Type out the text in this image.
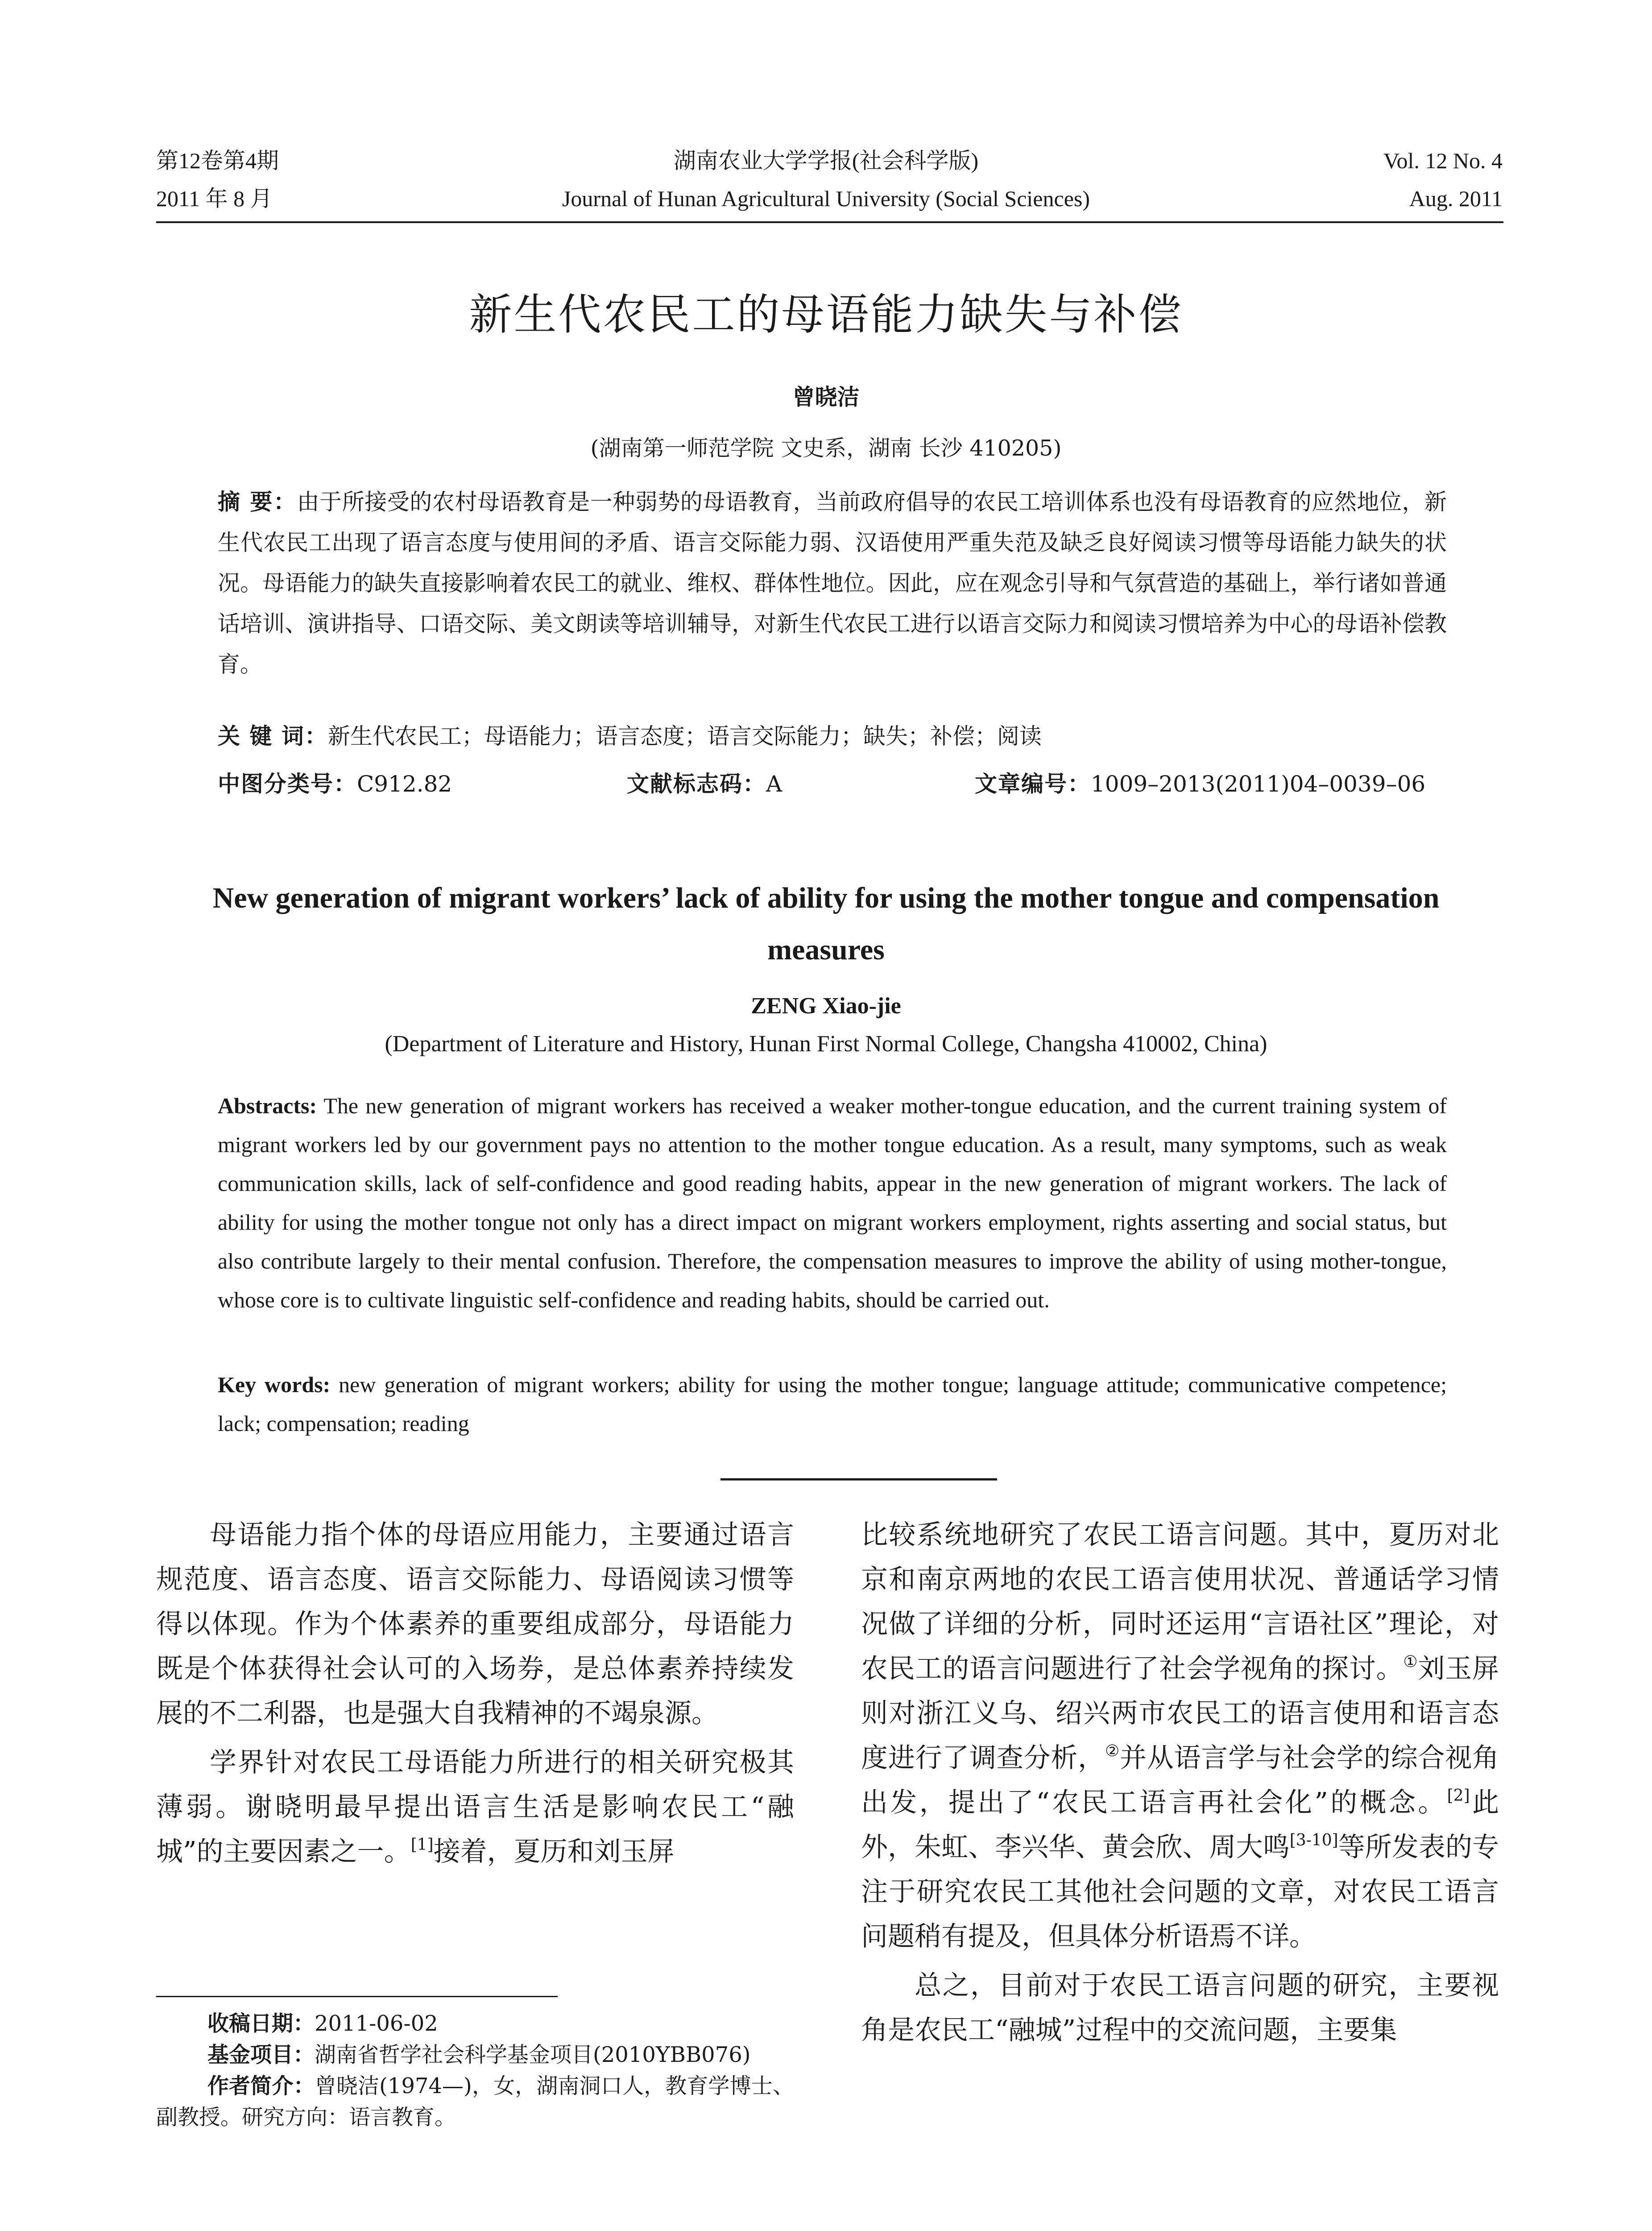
第12卷第4期
2011 年 8 月
湖南农业大学学报(社会科学版)
Journal of Hunan Agricultural University (Social Sciences)
Vol. 12 No. 4
Aug. 2011
新生代农民工的母语能力缺失与补偿
曾晓洁
(湖南第一师范学院 文史系，湖南 长沙 410205)
摘 要：由于所接受的农村母语教育是一种弱势的母语教育，当前政府倡导的农民工培训体系也没有母语教育的应然地位，新生代农民工出现了语言态度与使用间的矛盾、语言交际能力弱、汉语使用严重失范及缺乏良好阅读习惯等母语能力缺失的状况。母语能力的缺失直接影响着农民工的就业、维权、群体性地位。因此，应在观念引导和气氛营造的基础上，举行诸如普通话培训、演讲指导、口语交际、美文朗读等培训辅导，对新生代农民工进行以语言交际力和阅读习惯培养为中心的母语补偿教育。
关 键 词：新生代农民工；母语能力；语言态度；语言交际能力；缺失；补偿；阅读
中图分类号：C912.82	文献标志码：A	文章编号：1009–2013(2011)04–0039–06
New generation of migrant workers’ lack of ability for using the mother tongue and compensation measures
ZENG Xiao-jie
(Department of Literature and History, Hunan First Normal College, Changsha 410002, China)
Abstracts: The new generation of migrant workers has received a weaker mother-tongue education, and the current training system of migrant workers led by our government pays no attention to the mother tongue education. As a result, many symptoms, such as weak communication skills, lack of self-confidence and good reading habits, appear in the new generation of migrant workers. The lack of ability for using the mother tongue not only has a direct impact on migrant workers employment, rights asserting and social status, but also contribute largely to their mental confusion. Therefore, the compensation measures to improve the ability of using mother-tongue, whose core is to cultivate linguistic self-confidence and reading habits, should be carried out.
Key words: new generation of migrant workers; ability for using the mother tongue; language attitude; communicative competence; lack; compensation; reading

母语能力指个体的母语应用能力，主要通过语言规范度、语言态度、语言交际能力、母语阅读习惯等得以体现。作为个体素养的重要组成部分，母语能力既是个体获得社会认可的入场券，是总体素养持续发展的不二利器，也是强大自我精神的不竭泉源。

学界针对农民工母语能力所进行的相关研究极其薄弱。谢晓明最早提出语言生活是影响农民工“融城”的主要因素之一。[1]接着，夏历和刘玉屏

比较系统地研究了农民工语言问题。其中，夏历对北京和南京两地的农民工语言使用状况、普通话学习情况做了详细的分析，同时还运用“言语社区”理论，对农民工的语言问题进行了社会学视角的探讨。①刘玉屏则对浙江义乌、绍兴两市农民工的语言使用和语言态度进行了调查分析，②并从语言学与社会学的综合视角出发，提出了“农民工语言再社会化”的概念。[2]此外，朱虹、李兴华、黄会欣、周大鸣[3-10]等所发表的专注于研究农民工其他社会问题的文章，对农民工语言问题稍有提及，但具体分析语焉不详。

总之，目前对于农民工语言问题的研究，主要视角是农民工“融城”过程中的交流问题，主要集

收稿日期：2011-06-02

基金项目：湖南省哲学社会科学基金项目(2010YBB076)

作者简介：曾晓洁(1974—)，女，湖南洞口人，教育学博士、副教授。研究方向：语言教育。
